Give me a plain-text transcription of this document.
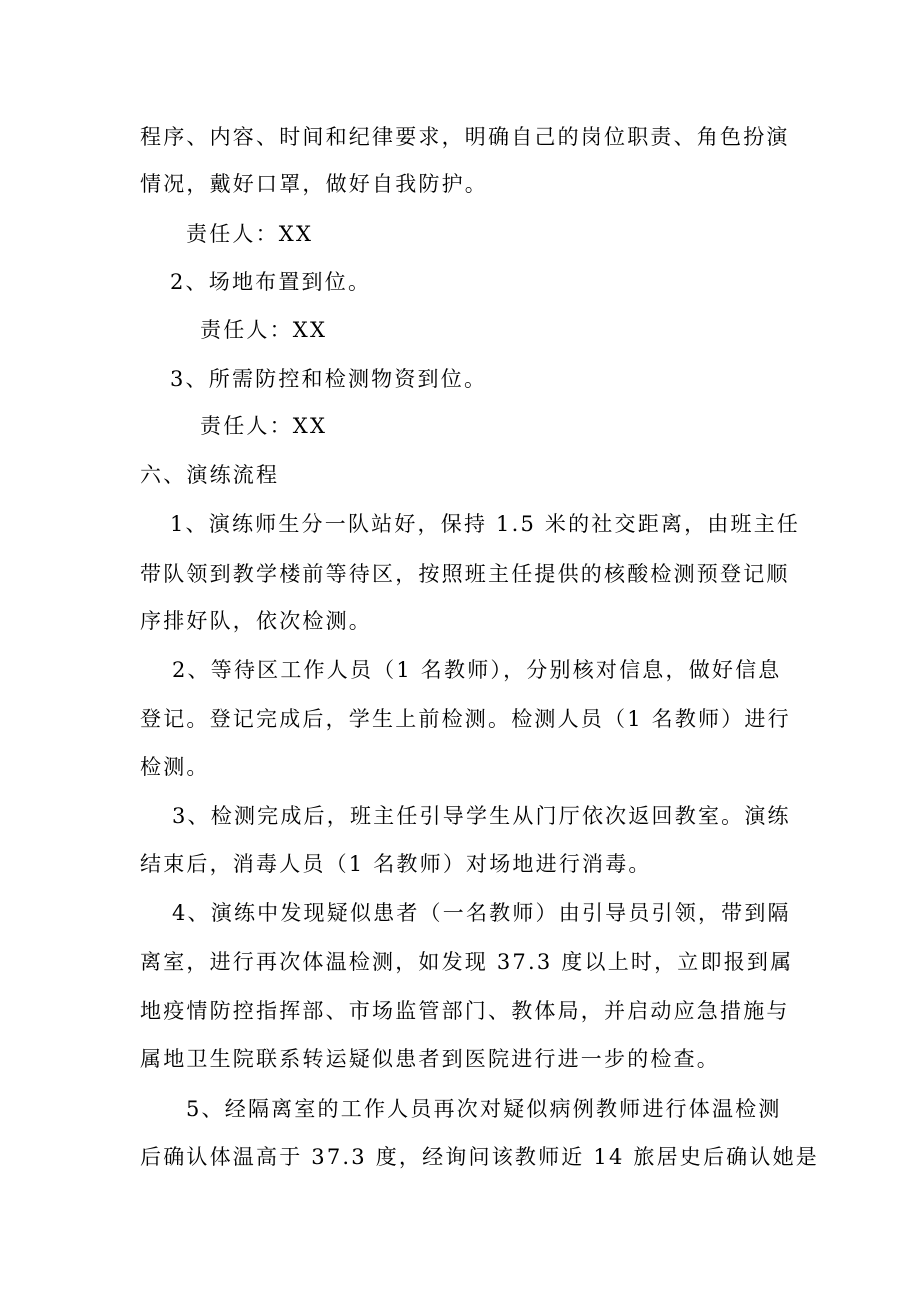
程序、内容、时间和纪律要求，明确自己的岗位职责、角色扮演
情况，戴好口罩，做好自我防护。
责任人：XX
2、场地布置到位。
责任人：XX
3、所需防控和检测物资到位。
责任人：XX
六、演练流程
1、演练师生分一队站好，保持 1.5 米的社交距离，由班主任
带队领到教学楼前等待区，按照班主任提供的核酸检测预登记顺
序排好队，依次检测。
2、等待区工作人员（1 名教师），分别核对信息，做好信息
登记。登记完成后，学生上前检测。检测人员（1 名教师）进行
检测。
3、检测完成后，班主任引导学生从门厅依次返回教室。演练
结束后，消毒人员（1 名教师）对场地进行消毒。
4、演练中发现疑似患者（一名教师）由引导员引领，带到隔
离室，进行再次体温检测，如发现 37.3 度以上时，立即报到属
地疫情防控指挥部、市场监管部门、教体局，并启动应急措施与
属地卫生院联系转运疑似患者到医院进行进一步的检查。
5、经隔离室的工作人员再次对疑似病例教师进行体温检测
后确认体温高于 37.3 度，经询问该教师近 14 旅居史后确认她是
